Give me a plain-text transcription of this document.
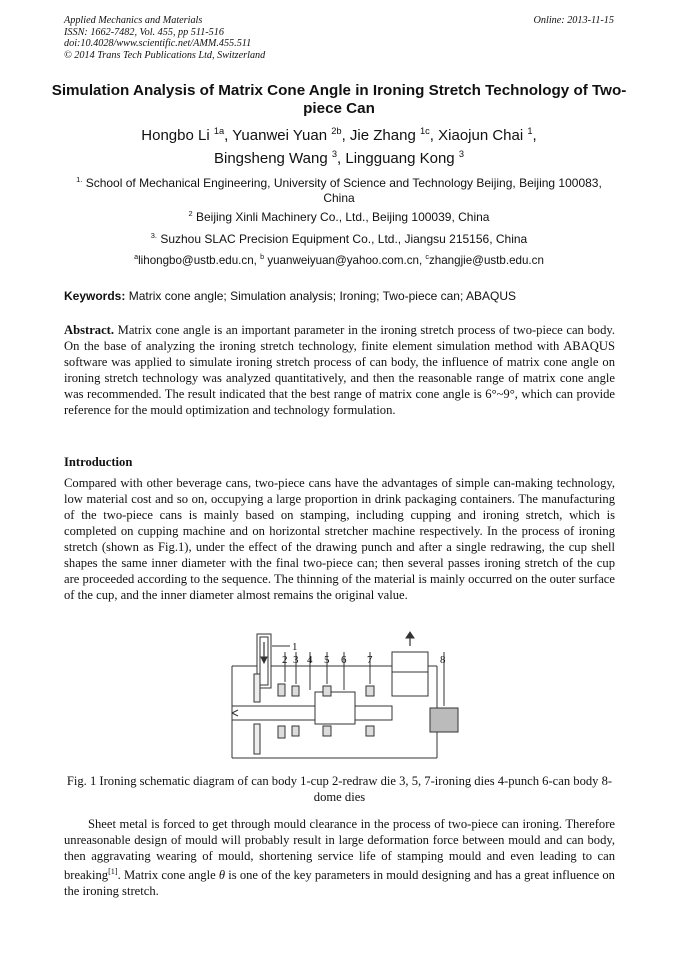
Applied Mechanics and Materials
ISSN: 1662-7482, Vol. 455, pp 511-516
doi:10.4028/www.scientific.net/AMM.455.511
© 2014 Trans Tech Publications Ltd, Switzerland
Online: 2013-11-15
Simulation Analysis of Matrix Cone Angle in Ironing Stretch Technology of Two-piece Can
Hongbo Li $^{1a}$, Yuanwei Yuan $^{2b}$, Jie Zhang $^{1c}$, Xiaojun Chai $^1$,
Bingsheng Wang $^3$, Lingguang Kong $^3$
$^{1.}$ School of Mechanical Engineering, University of Science and Technology Beijing, Beijing 100083, China
$^2$ Beijing Xinli Machinery Co., Ltd., Beijing 100039, China
$^{3.}$ Suzhou SLAC Precision Equipment Co., Ltd., Jiangsu 215156, China
$^a$lihongbo@ustb.edu.cn, $^b$ yuanweiyuan@yahoo.com.cn, $^c$zhangjie@ustb.edu.cn
Keywords: Matrix cone angle; Simulation analysis; Ironing; Two-piece can; ABAQUS
Abstract. Matrix cone angle is an important parameter in the ironing stretch process of two-piece can body. On the base of analyzing the ironing stretch technology, finite element simulation method with ABAQUS software was applied to simulate ironing stretch process of can body, the influence of matrix cone angle on ironing stretch technology was analyzed quantitatively, and then the reasonable range of matrix cone angle was recommended. The result indicated that the best range of matrix cone angle is 6°~9°, which can provide reference for the mould optimization and technology formulation.
Introduction
Compared with other beverage cans, two-piece cans have the advantages of simple can-making technology, low material cost and so on, occupying a large proportion in drink packaging containers. The manufacturing of the two-piece cans is mainly based on stamping, including cupping and ironing stretch, which is completed on cupping machine and on horizontal stretcher machine respectively. In the process of ironing stretch (shown as Fig.1), under the effect of the drawing punch and after a single redrawing, the cup shell shapes the same inner diameter with the final two-piece can; then several passes ironing stretch of the cup are proceeded according to the sequence. The thinning of the material is mainly occurred on the outer surface of the cup, and the inner diameter almost remains the original value.
1
2 3 4 5 6 7	8
Fig. 1 Ironing schematic diagram of can body 1-cup 2-redraw die 3, 5, 7-ironing dies 4-punch 6-can body 8-dome dies
Sheet metal is forced to get through mould clearance in the process of two-piece can ironing. Therefore unreasonable design of mould will probably result in large deformation force between mould and can body, then aggravating wearing of mould, shortening service life of stamping mould and even leading to can breaking[1]. Matrix cone angle θ is one of the key parameters in mould designing and has a great influence on the ironing stretch.
